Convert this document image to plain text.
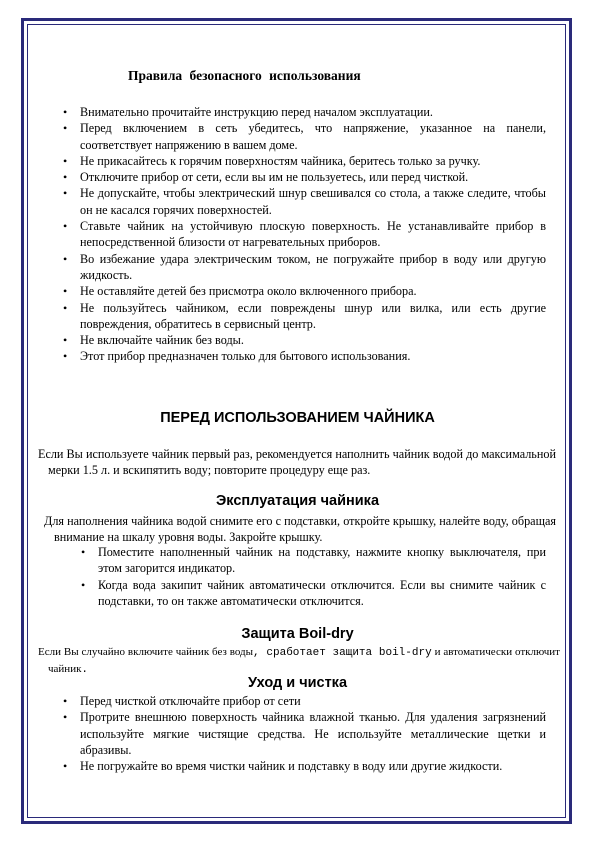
Правила безопасного использования
• Внимательно прочитайте инструкцию перед началом эксплуатации.
• Перед включением в сеть убедитесь, что напряжение, указанное на панели, соответствует напряжению в вашем доме.
• Не прикасайтесь к горячим поверхностям чайника, беритесь только за ручку.
• Отключите прибор от сети, если вы им не пользуетесь, или перед чисткой.
• Не допускайте, чтобы электрический шнур свешивался со стола, а также следите, чтобы он не касался горячих поверхностей.
• Ставьте чайник на устойчивую плоскую поверхность. Не устанавливайте прибор в непосредственной близости от нагревательных приборов.
• Во избежание удара электрическим током, не погружайте прибор в воду или другую жидкость.
• Не оставляйте детей без присмотра около включенного прибора.
• Не пользуйтесь чайником, если повреждены шнур или вилка, или есть другие повреждения, обратитесь в сервисный центр.
• Не включайте чайник без воды.
• Этот прибор предназначен только для бытового использования.
ПЕРЕД ИСПОЛЬЗОВАНИЕМ ЧАЙНИКА
Если Вы используете чайник первый раз, рекомендуется наполнить чайник водой до максимальной мерки 1.5 л. и вскипятить воду; повторите процедуру еще раз.
Эксплуатация чайника
Для наполнения чайника водой снимите его с подставки, откройте крышку, налейте воду, обращая внимание на шкалу уровня воды. Закройте крышку.
• Поместите наполненный чайник на подставку, нажмите кнопку выключателя, при этом загорится индикатор.
• Когда вода закипит чайник автоматически отключится. Если вы снимите чайник с подставки, то он также автоматически отключится.
Защита Boil-dry
Если Вы случайно включите чайник без воды, сработает защита boil-dry и автоматически отключит чайник.
Уход и чистка
• Перед чисткой отключайте прибор от сети
• Протрите внешнюю поверхность чайника влажной тканью. Для удаления загрязнений используйте мягкие чистящие средства. Не используйте металлические щетки и абразивы.
• Не погружайте во время чистки чайник и подставку в воду или другие жидкости.
